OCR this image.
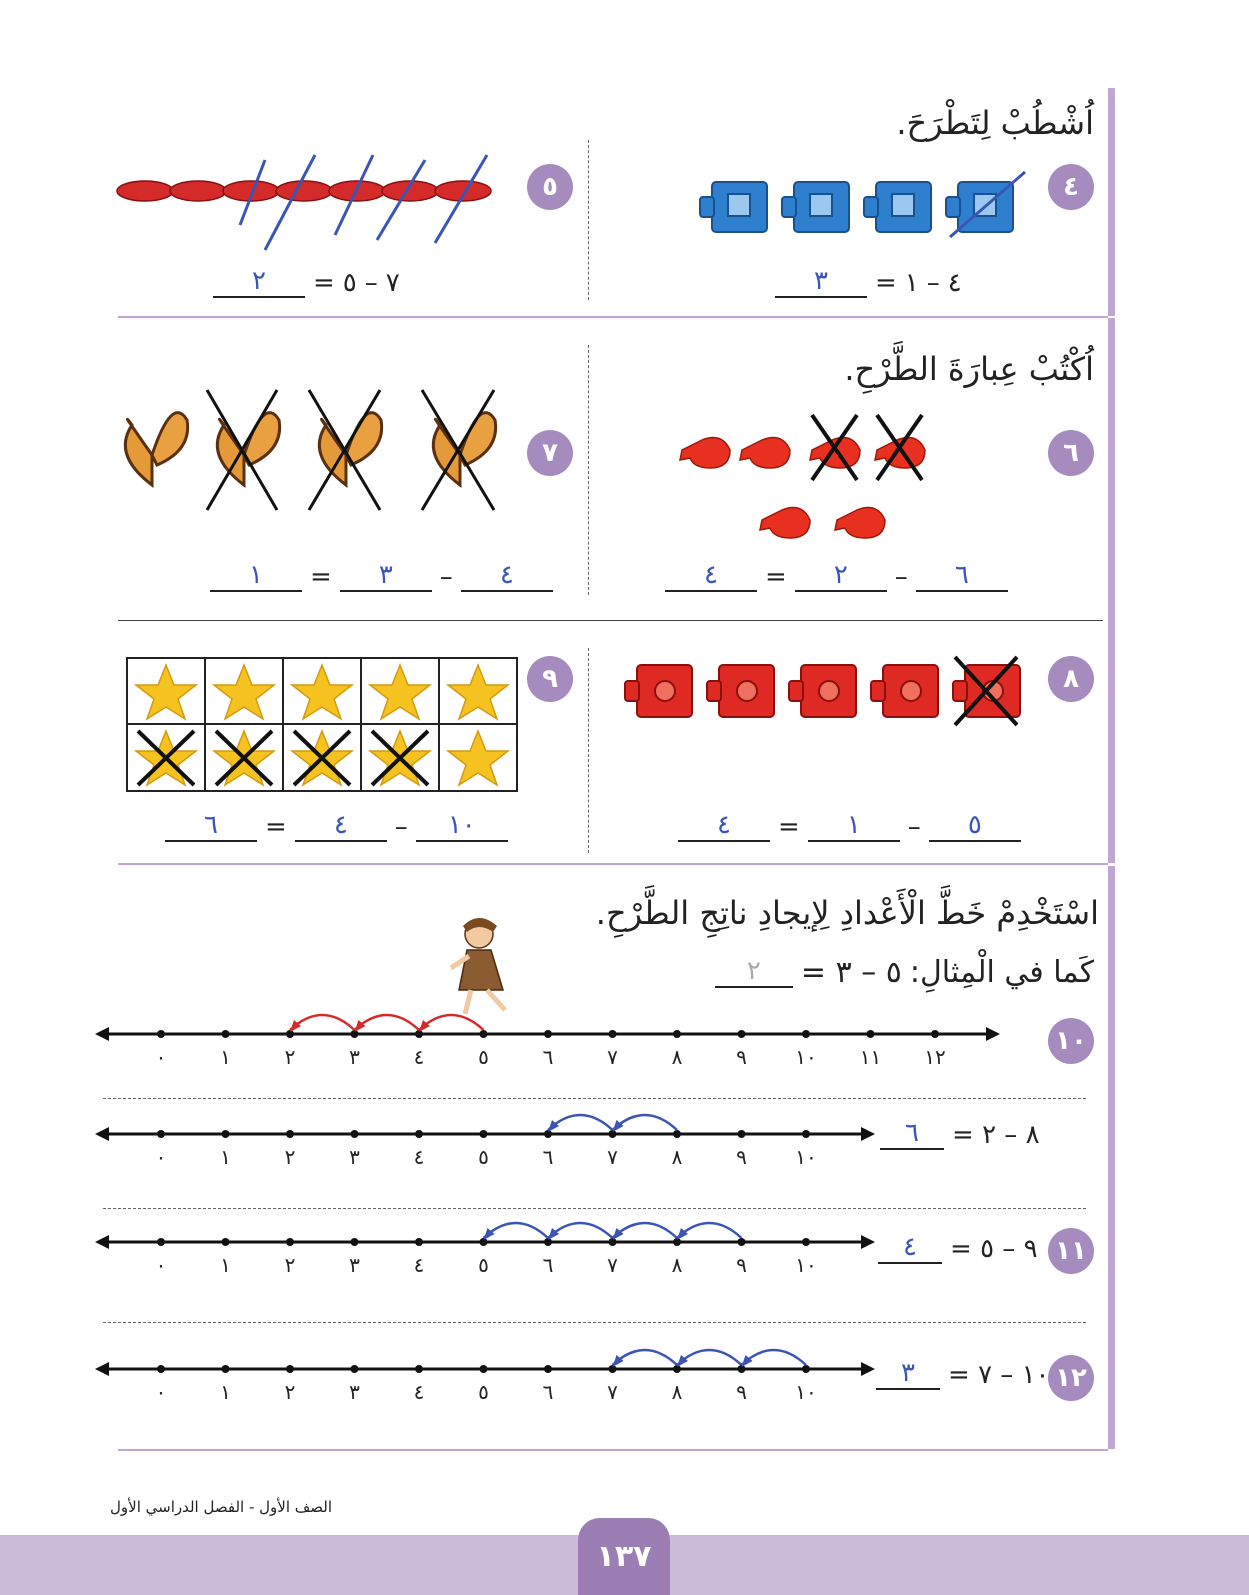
اُشْطُبْ لِتَطْرَحَ.
٤
٤
–
١
=
٣
٥
٧
–
٥
=
٢
اُكْتُبْ عِبارَةَ الطَّرْحِ.
٦
٦
–
٢
=
٤
٧
٤
–
٣
=
١
٨
٥
–
١
=
٤
٩
١٠
–
٤
=
٦
اسْتَخْدِمْ خَطَّ الْأَعْدادِ لِإيجادِ ناتِجِ الطَّرْحِ.
كَما في الْمِثالِ:
٥ – ٣ =
٢
١٠
٠	١	٢	٣	٤	٥	٦	٧	٨	٩ ١٠ ١١ ١٢
٠	١	٢	٣	٤	٥	٦	٧	٨	٩ ١٠
٨ – ٢ =
٦
١١
٠	١	٢	٣	٤	٥	٦	٧	٨	٩ ١٠
٩ – ٥ =
٤
١٢
٠	١	٢	٣	٤	٥	٦	٧	٨	٩ ١٠
١٠ – ٧ =
٣
الصف الأول - الفصل الدراسي الأول
١٣٧
